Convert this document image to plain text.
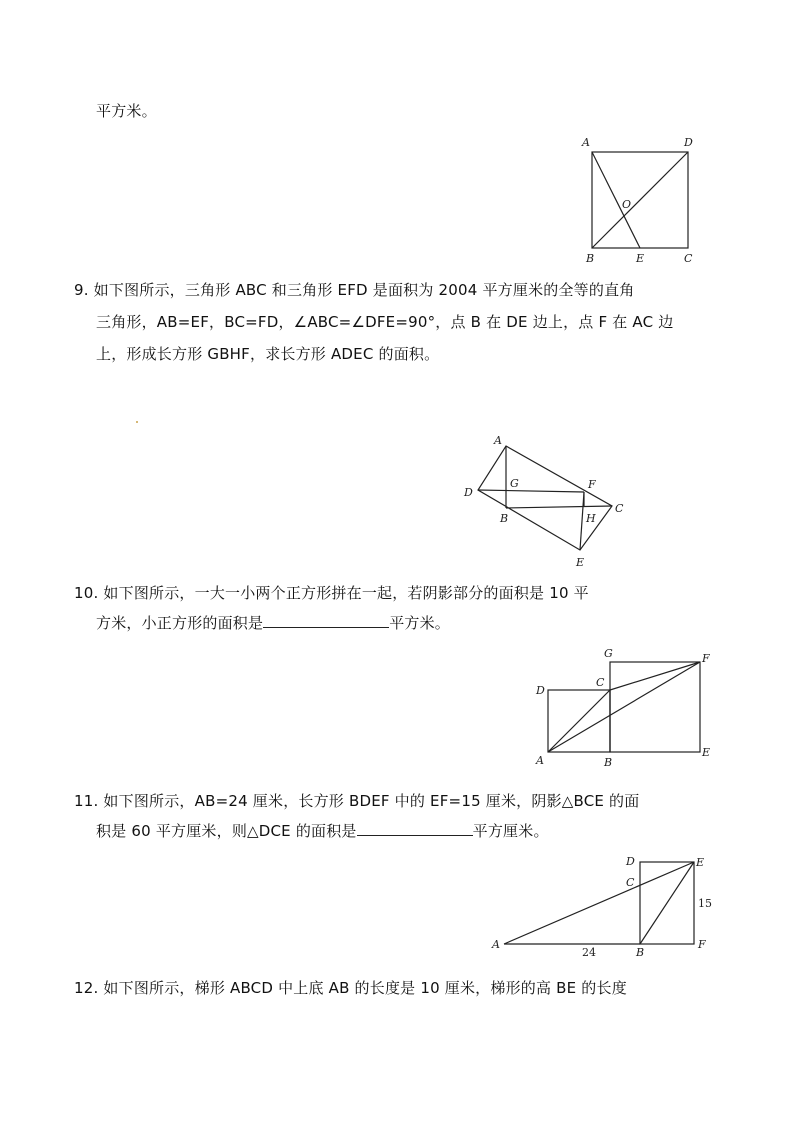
平方米。
9. 如下图所示，三角形 ABC 和三角形 EFD 是面积为 2004 平方厘米的全等的直角
三角形，AB=EF，BC=FD，∠ABC=∠DFE=90°，点 B 在 DE 边上，点 F 在 AC 边
上，形成长方形 GBHF，求长方形 ADEC 的面积。
10. 如下图所示，一大一小两个正方形拼在一起，若阴影部分的面积是 10 平
方米，小正方形的面积是	平方米。
11. 如下图所示，AB=24 厘米，长方形 BDEF 中的 EF=15 厘米，阴影△BCE 的面
积是 60 平方厘米，则△DCE 的面积是	平方厘米。
12. 如下图所示，梯形 ABCD 中上底 AB 的长度是 10 厘米，梯形的高 BE 的长度
A	D
O
B	E	C
A
D
G	F
C
B	H
E
G	F
D
C
A	B
E
D	E
C
A
B
F
24
15
